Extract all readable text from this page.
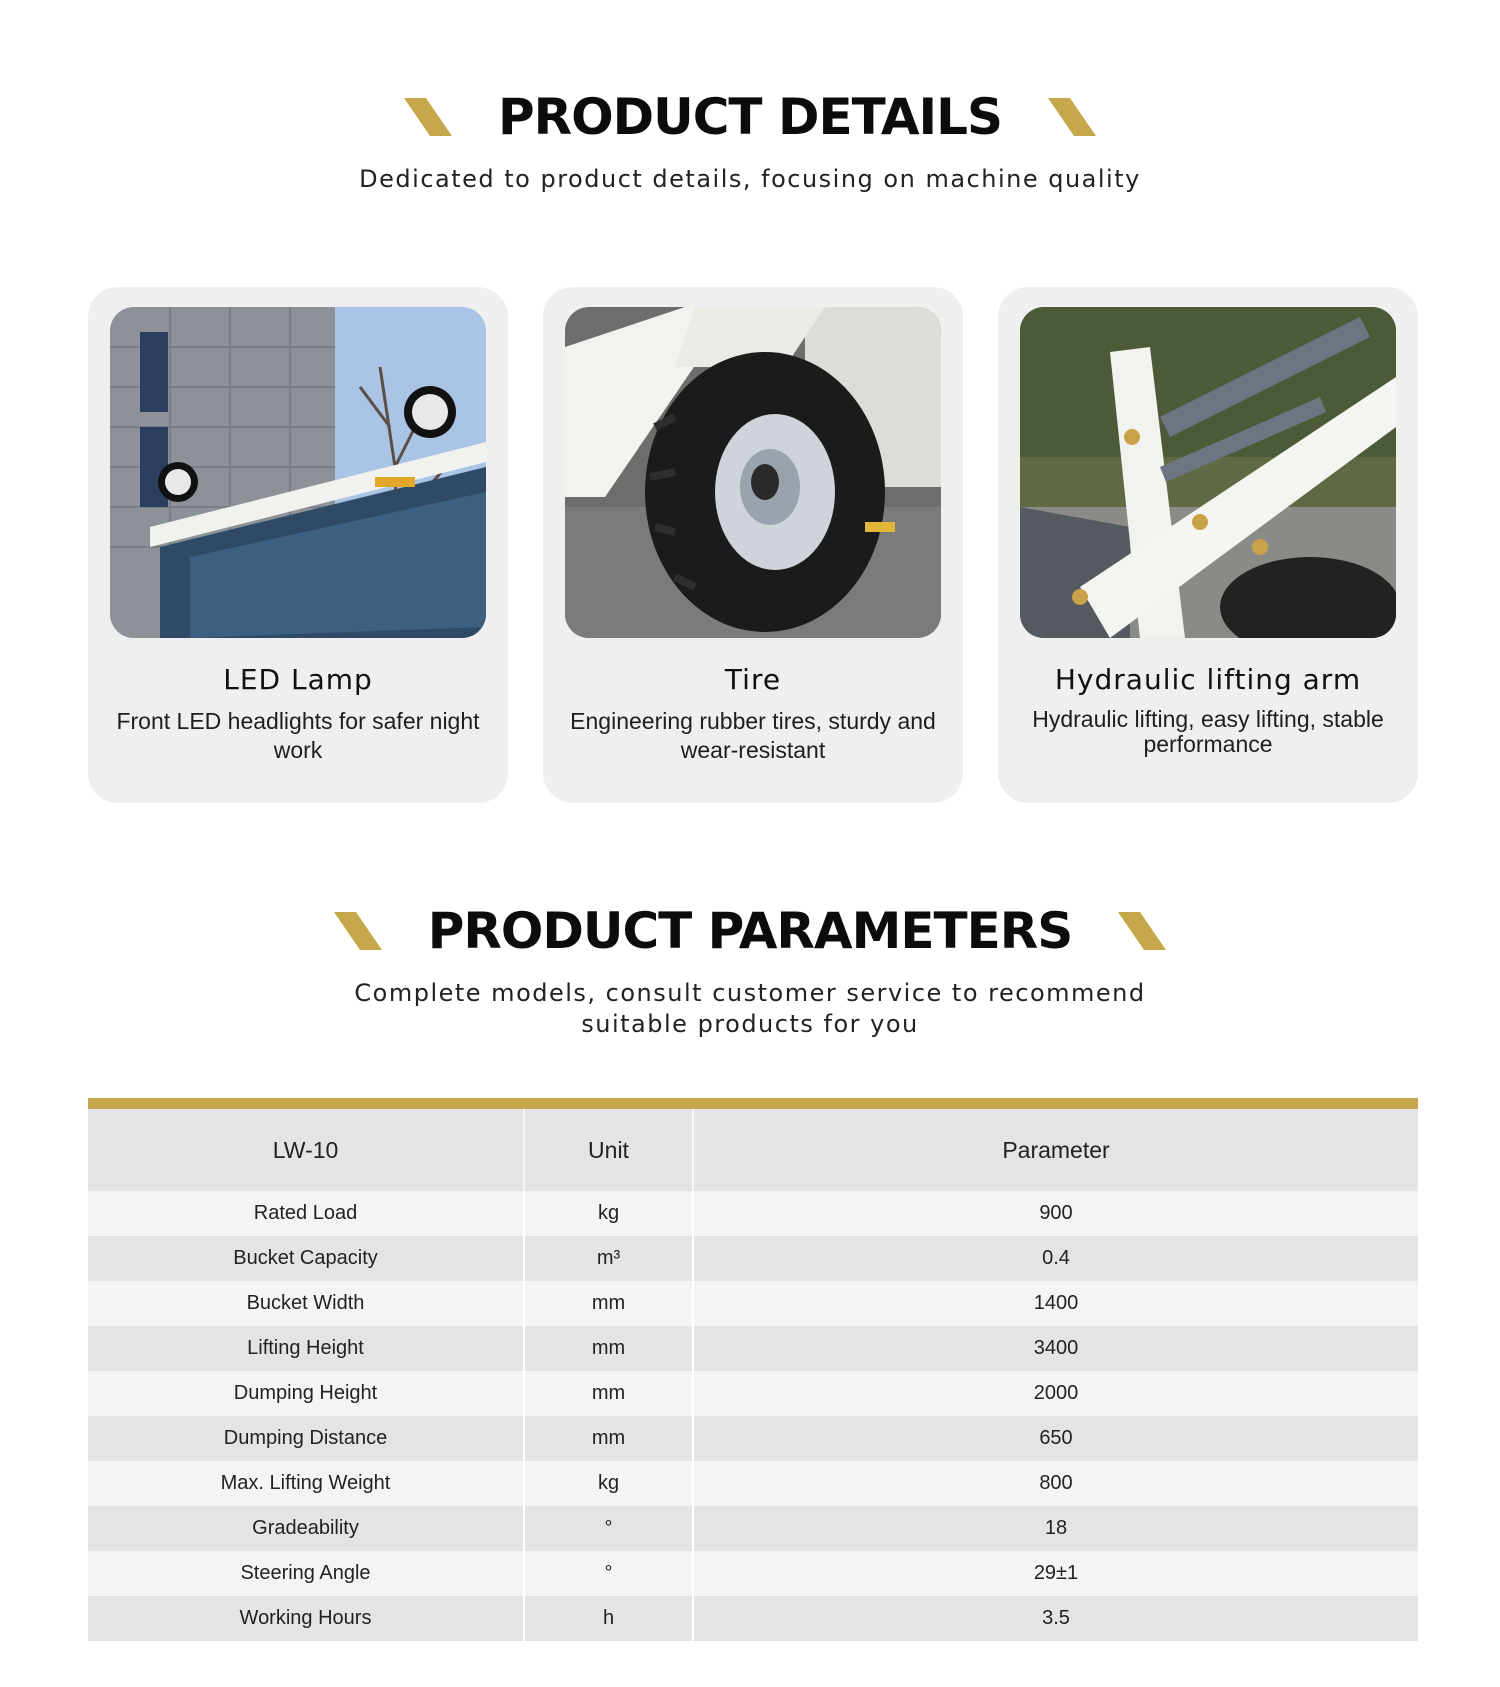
PRODUCT DETAILS
Dedicated to product details, focusing on machine quality
LED Lamp

Front LED headlights for safer night work

Tire

Engineering rubber tires, sturdy and wear-resistant

Hydraulic lifting arm

Hydraulic lifting, easy lifting, stable performance

PRODUCT PARAMETERS
Complete models, consult customer service to recommend suitable products for you
LW-10	Unit	Parameter
Rated Load	kg	900
Bucket Capacity	m³	0.4
Bucket Width	mm	1400
Lifting Height	mm	3400
Dumping Height	mm	2000
Dumping Distance	mm	650
Max. Lifting Weight	kg	800
Gradeability	°	18
Steering Angle	°	29±1
Working Hours	h	3.5
